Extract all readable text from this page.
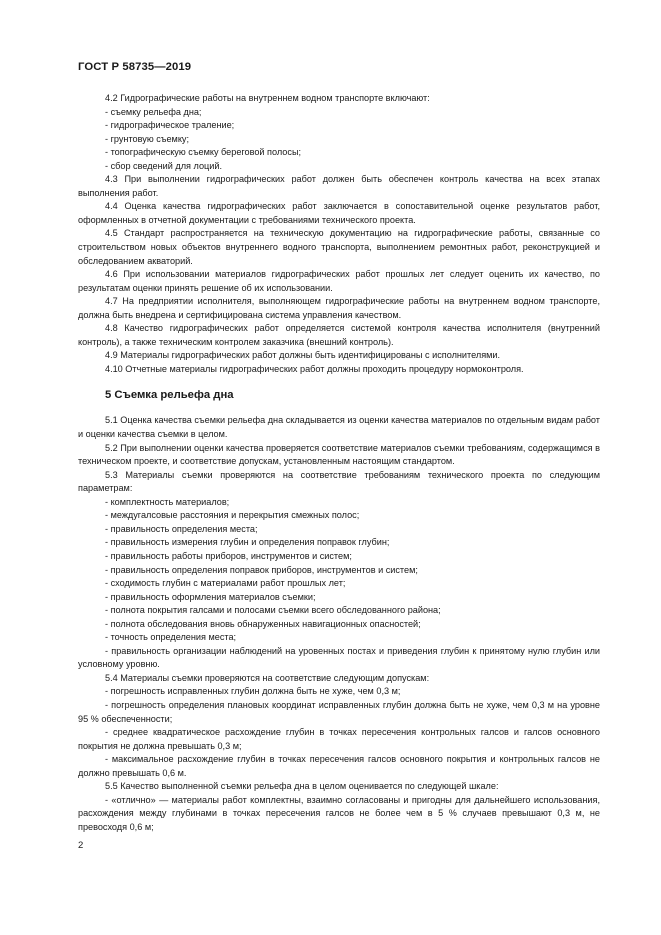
ГОСТ Р 58735—2019

4.2 Гидрографические работы на внутреннем водном транспорте включают:

- съемку рельефа дна;

- гидрографическое траление;

- грунтовую съемку;

- топографическую съемку береговой полосы;

- сбор сведений для лоций.

4.3 При выполнении гидрографических работ должен быть обеспечен контроль качества на всех этапах выполнения работ.

4.4 Оценка качества гидрографических работ заключается в сопоставительной оценке результатов работ, оформленных в отчетной документации с требованиями технического проекта.

4.5 Стандарт распространяется на техническую документацию на гидрографические работы, связанные со строительством новых объектов внутреннего водного транспорта, выполнением ремонтных работ, реконструкцией и обследованием акваторий.

4.6 При использовании материалов гидрографических работ прошлых лет следует оценить их качество, по результатам оценки принять решение об их использовании.

4.7 На предприятии исполнителя, выполняющем гидрографические работы на внутреннем водном транспорте, должна быть внедрена и сертифицирована система управления качеством.

4.8 Качество гидрографических работ определяется системой контроля качества исполнителя (внутренний контроль), а также техническим контролем заказчика (внешний контроль).

4.9 Материалы гидрографических работ должны быть идентифицированы с исполнителями.

4.10 Отчетные материалы гидрографических работ должны проходить процедуру нормоконтроля.

5 Съемка рельефа дна

5.1 Оценка качества съемки рельефа дна складывается из оценки качества материалов по отдельным видам работ и оценки качества съемки в целом.

5.2 При выполнении оценки качества проверяется соответствие материалов съемки требованиям, содержащимся в техническом проекте, и соответствие допускам, установленным настоящим стандартом.

5.3 Материалы съемки проверяются на соответствие требованиям технического проекта по следующим параметрам:

- комплектность материалов;

- междугалсовые расстояния и перекрытия смежных полос;

- правильность определения места;

- правильность измерения глубин и определения поправок глубин;

- правильность работы приборов, инструментов и систем;

- правильность определения поправок приборов, инструментов и систем;

- сходимость глубин с материалами работ прошлых лет;

- правильность оформления материалов съемки;

- полнота покрытия галсами и полосами съемки всего обследованного района;

- полнота обследования вновь обнаруженных навигационных опасностей;

- точность определения места;

- правильность организации наблюдений на уровенных постах и приведения глубин к принятому нулю глубин или условному уровню.

5.4 Материалы съемки проверяются на соответствие следующим допускам:

- погрешность исправленных глубин должна быть не хуже, чем 0,3 м;

- погрешность определения плановых координат исправленных глубин должна быть не хуже, чем 0,3 м на уровне 95 % обеспеченности;

- среднее квадратическое расхождение глубин в точках пересечения контрольных галсов и галсов основного покрытия не должна превышать 0,3 м;

- максимальное расхождение глубин в точках пересечения галсов основного покрытия и контрольных галсов не должно превышать 0,6 м.

5.5 Качество выполненной съемки рельефа дна в целом оценивается по следующей шкале:

- «отлично» — материалы работ комплектны, взаимно согласованы и пригодны для дальнейшего использования, расхождения между глубинами в точках пересечения галсов не более чем в 5 % случаев превышают 0,3 м, не превосходя 0,6 м;

2
